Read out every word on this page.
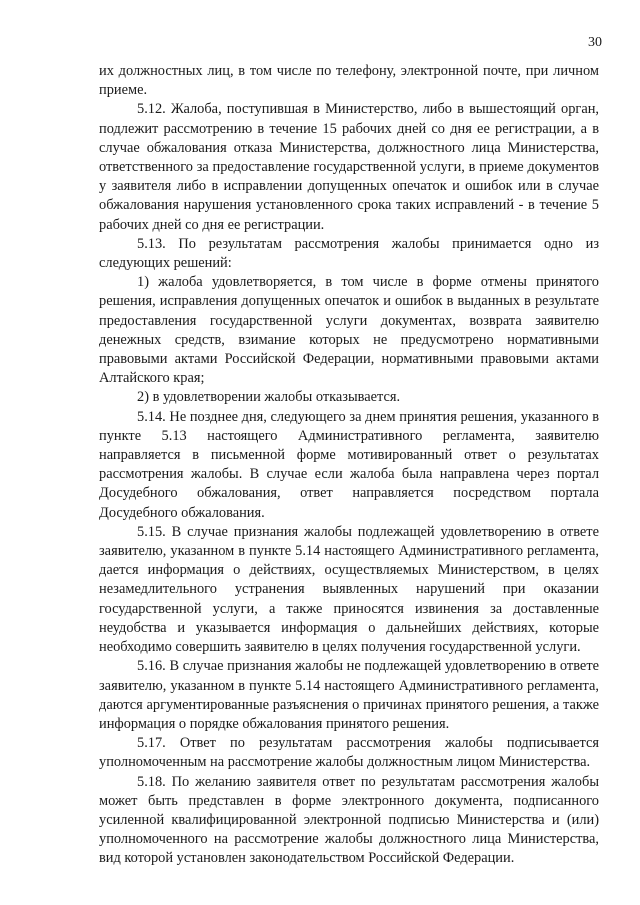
30

их должностных лиц, в том числе по телефону, электронной почте, при личном приеме.

5.12. Жалоба, поступившая в Министерство, либо в вышестоящий орган, подлежит рассмотрению в течение 15 рабочих дней со дня ее регистрации, а в случае обжалования отказа Министерства, должностного лица Министерства, ответственного за предоставление государственной услуги, в приеме документов у заявителя либо в исправлении допущенных опечаток и ошибок или в случае обжалования нарушения установленного срока таких исправлений - в течение 5 рабочих дней со дня ее регистрации.

5.13. По результатам рассмотрения жалобы принимается одно из следующих решений:

1) жалоба удовлетворяется, в том числе в форме отмены принятого решения, исправления допущенных опечаток и ошибок в выданных в результате предоставления государственной услуги документах, возврата заявителю денежных средств, взимание которых не предусмотрено нормативными правовыми актами Российской Федерации, нормативными правовыми актами Алтайского края;

2) в удовлетворении жалобы отказывается.

5.14. Не позднее дня, следующего за днем принятия решения, указанного в пункте 5.13 настоящего Административного регламента, заявителю направляется в письменной форме мотивированный ответ о результатах рассмотрения жалобы. В случае если жалоба была направлена через портал Досудебного обжалования, ответ направляется посредством портала Досудебного обжалования.

5.15. В случае признания жалобы подлежащей удовлетворению в ответе заявителю, указанном в пункте 5.14 настоящего Административного регламента, дается информация о действиях, осуществляемых Министерством, в целях незамедлительного устранения выявленных нарушений при оказании государственной услуги, а также приносятся извинения за доставленные неудобства и указывается информация о дальнейших действиях, которые необходимо совершить заявителю в целях получения государственной услуги.

5.16. В случае признания жалобы не подлежащей удовлетворению в ответе заявителю, указанном в пункте 5.14 настоящего Административного регламента, даются аргументированные разъяснения о причинах принятого решения, а также информация о порядке обжалования принятого решения.

5.17. Ответ по результатам рассмотрения жалобы подписывается уполномоченным на рассмотрение жалобы должностным лицом Министерства.

5.18. По желанию заявителя ответ по результатам рассмотрения жалобы может быть представлен в форме электронного документа, подписанного усиленной квалифицированной электронной подписью Министерства и (или) уполномоченного на рассмотрение жалобы должностного лица Министерства, вид которой установлен законодательством Российской Федерации.
